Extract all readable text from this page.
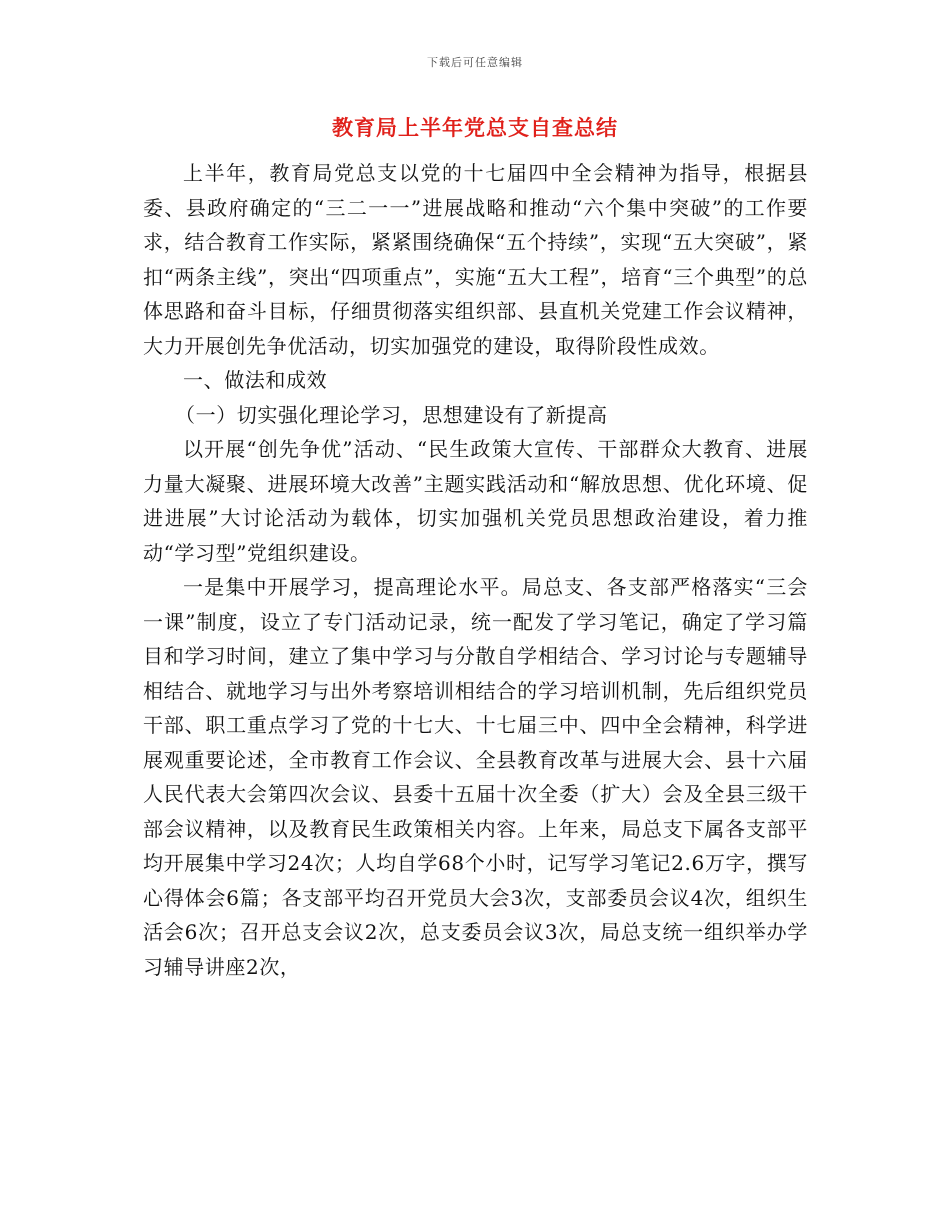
下载后可任意编辑
教育局上半年党总支自查总结

上半年，教育局党总支以党的十七届四中全会精神为指导，根据县委、县政府确定的“三二一一”进展战略和推动“六个集中突破”的工作要求，结合教育工作实际，紧紧围绕确保“五个持续”，实现“五大突破”，紧扣“两条主线”，突出“四项重点”，实施“五大工程”，培育“三个典型”的总体思路和奋斗目标，仔细贯彻落实组织部、县直机关党建工作会议精神，大力开展创先争优活动，切实加强党的建设，取得阶段性成效。

一、做法和成效

（一）切实强化理论学习，思想建设有了新提高

以开展“创先争优”活动、“民生政策大宣传、干部群众大教育、进展力量大凝聚、进展环境大改善”主题实践活动和“解放思想、优化环境、促进进展”大讨论活动为载体，切实加强机关党员思想政治建设，着力推动“学习型”党组织建设。

一是集中开展学习，提高理论水平。局总支、各支部严格落实“三会一课”制度，设立了专门活动记录，统一配发了学习笔记，确定了学习篇目和学习时间，建立了集中学习与分散自学相结合、学习讨论与专题辅导相结合、就地学习与出外考察培训相结合的学习培训机制，先后组织党员干部、职工重点学习了党的十七大、十七届三中、四中全会精神，科学进展观重要论述，全市教育工作会议、全县教育改革与进展大会、县十六届人民代表大会第四次会议、县委十五届十次全委（扩大）会及全县三级干部会议精神，以及教育民生政策相关内容。上年来，局总支下属各支部平均开展集中学习24次；人均自学68个小时，记写学习笔记2.6万字，撰写心得体会6篇；各支部平均召开党员大会3次，支部委员会议4次，组织生活会6次；召开总支会议2次，总支委员会议3次，局总支统一组织举办学习辅导讲座2次，
